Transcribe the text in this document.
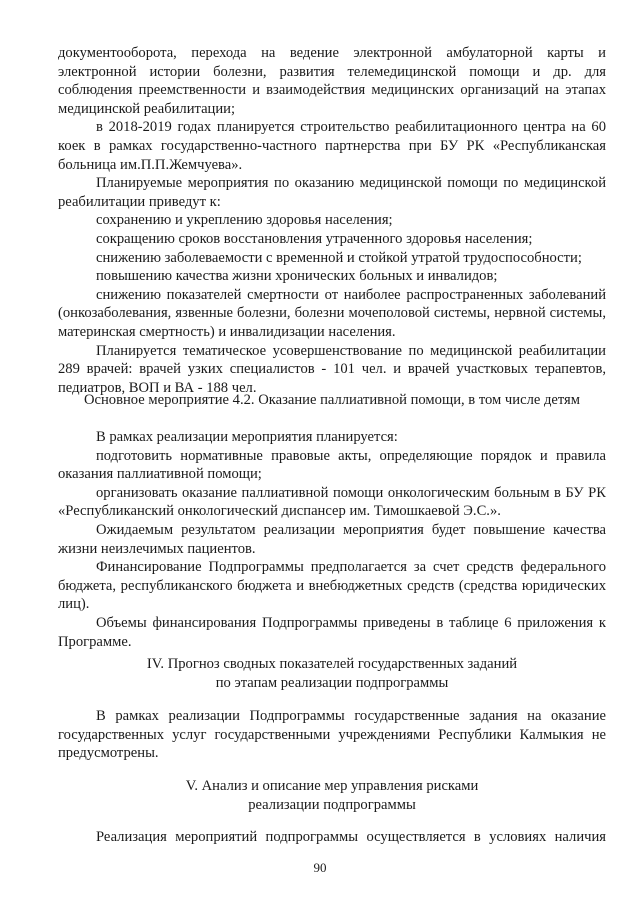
документооборота, перехода на ведение электронной амбулаторной карты и электронной истории болезни, развития телемедицинской помощи и др. для соблюдения преемственности и взаимодействия медицинских организаций на этапах медицинской реабилитации;

в 2018-2019 годах планируется строительство реабилитационного центра на 60 коек в рамках государственно-частного партнерства при БУ РК «Республиканская больница им.П.П.Жемчуева».

Планируемые мероприятия по оказанию медицинской помощи по медицинской реабилитации приведут к:

сохранению и укреплению здоровья населения;

сокращению сроков восстановления утраченного здоровья населения;

снижению заболеваемости с временной и стойкой утратой трудоспособности;

повышению качества жизни хронических больных и инвалидов;

снижению показателей смертности от наиболее распространенных заболеваний (онкозаболевания, язвенные болезни, болезни мочеполовой системы, нервной системы, материнская смертность) и инвалидизации населения.

Планируется тематическое усовершенствование по медицинской реабилитации 289 врачей: врачей узких специалистов - 101 чел. и врачей участковых терапевтов, педиатров, ВОП и ВА - 188 чел.

Основное мероприятие 4.2. Оказание паллиативной помощи, в том числе детям

В рамках реализации мероприятия планируется:

подготовить нормативные правовые акты, определяющие порядок и правила оказания паллиативной помощи;

организовать оказание паллиативной помощи онкологическим больным в БУ РК «Республиканский онкологический диспансер им. Тимошкаевой Э.С.».

Ожидаемым результатом реализации мероприятия будет повышение качества жизни неизлечимых пациентов.

Финансирование Подпрограммы предполагается за счет средств федерального бюджета, республиканского бюджета и внебюджетных средств (средства юридических лиц).

Объемы финансирования Подпрограммы приведены в таблице 6 приложения к Программе.

IV. Прогноз сводных показателей государственных заданий
по этапам реализации подпрограммы

В рамках реализации Подпрограммы государственные задания на оказание государственных услуг государственными учреждениями Республики Калмыкия не предусмотрены.

V. Анализ и описание мер управления рисками
реализации подпрограммы

Реализация мероприятий подпрограммы осуществляется в условиях наличия

90
